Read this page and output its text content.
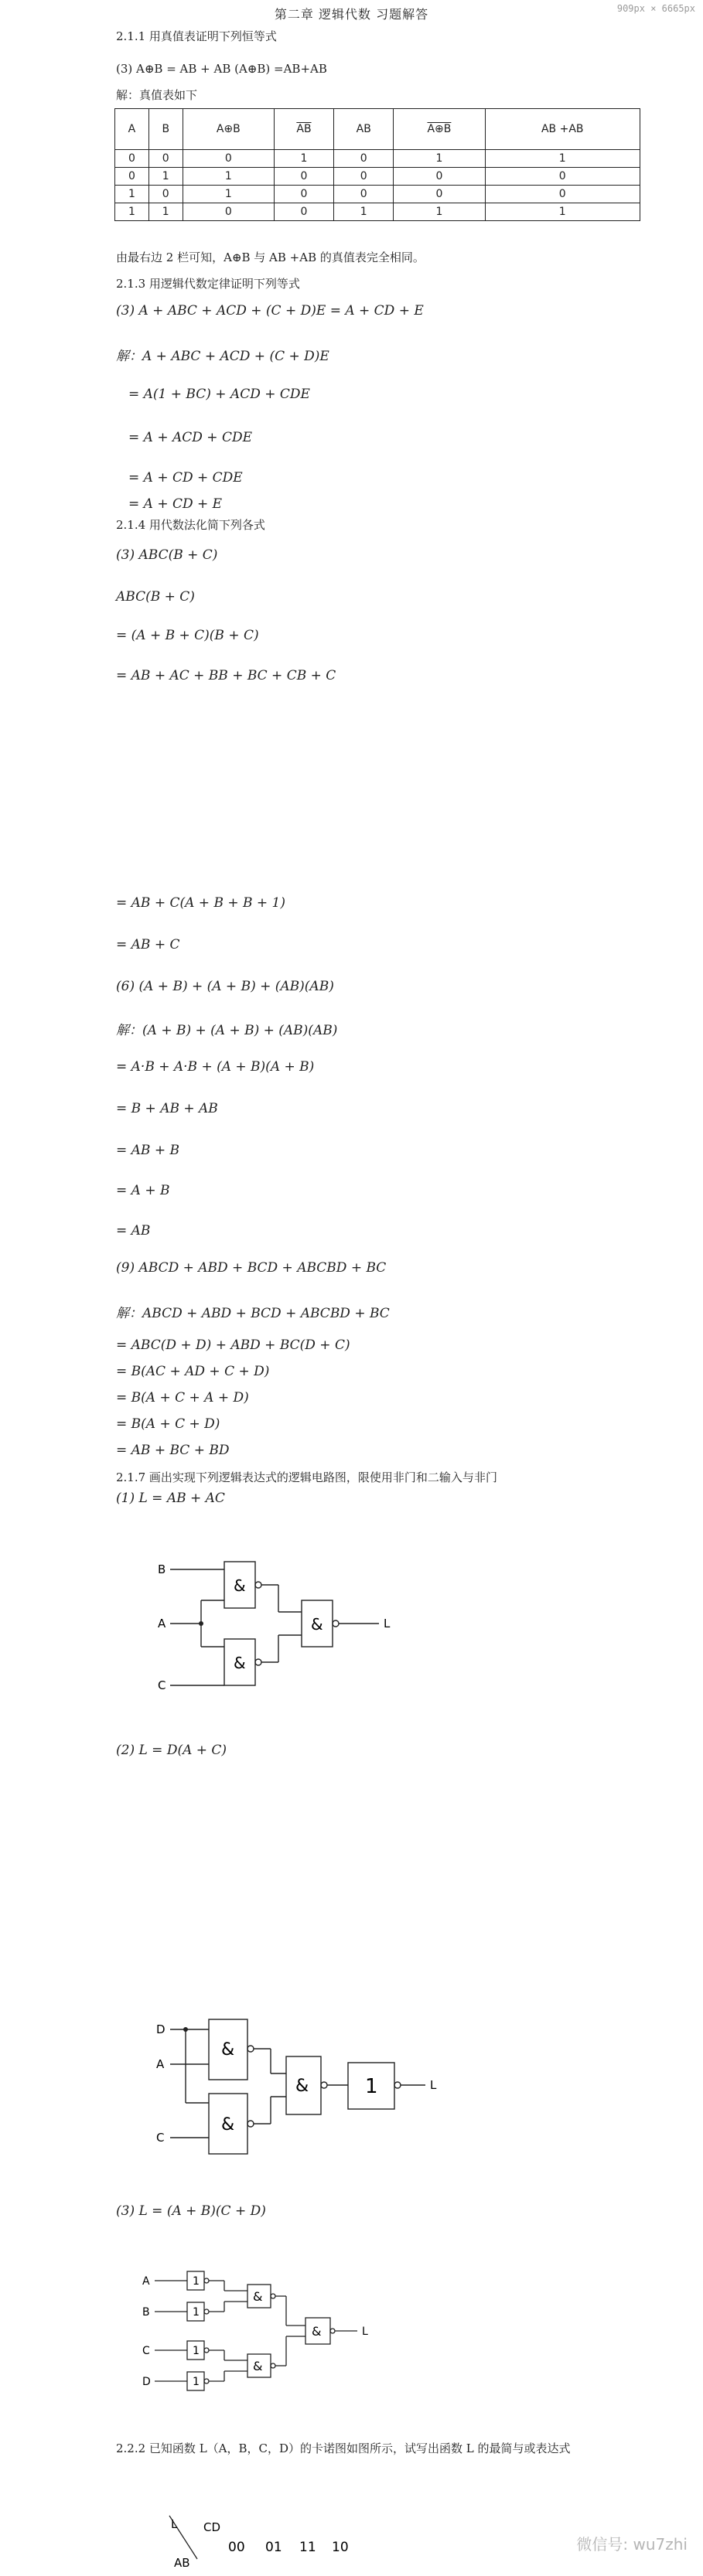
909px × 6665px
第二章 逻辑代数 习题解答
2.1.1 用真值表证明下列恒等式
(3) A⊕B = AB + AB (A⊕B) =AB+AB
解：真值表如下
A	B	A⊕B	$\overline{AB}$	AB	A⊕B	AB +AB
0	0	0	1	0	1	1
0	1	1	0	0	0	0
1	0	1	0	0	0	0
1	1	0	0	1	1	1
由最右边 2 栏可知，A⊕B 与 AB +AB 的真值表完全相同。
2.1.3 用逻辑代数定律证明下列等式
(3) A + ABC + ACD + (C + D)E = A + CD + E
解：A + ABC + ACD + (C + D)E
= A(1 + BC) + ACD + CDE
= A + ACD + CDE
= A + CD + CDE
= A + CD + E
2.1.4 用代数法化简下列各式
(3) ABC(B + C)
ABC(B + C)
= (A + B + C)(B + C)
= AB + AC + BB + BC + CB + C
= AB + C(A + B + B + 1)
= AB + C
(6) (A + B) + (A + B) + (AB)(AB)
解：(A + B) + (A + B) + (AB)(AB)
= A·B + A·B + (A + B)(A + B)
= B + AB + AB
= AB + B
= A + B
= AB
(9) ABCD + ABD + BCD + ABCBD + BC
解：ABCD + ABD + BCD + ABCBD + BC
= ABC(D + D) + ABD + BC(D + C)
= B(AC + AD + C + D)
= B(A + C + A + D)
= B(A + C + D)
= AB + BC + BD
2.1.7 画出实现下列逻辑表达式的逻辑电路图，限使用非门和二输入与非门
(1) L = AB + AC
B
A
C
&
&
&	L
(2) L = D(A + C)
D
A
C
&
&
&	1	L
(3) L = (A + B)(C + D)
A
B
C
D
1
1
1
1
&
&
&	L
2.2.2 已知函数 L（A，B，C，D）的卡诺图如图所示，试写出函数 L 的最简与或表达式
L CD
AB
00 01 11 10	微信号: wu7zhi
